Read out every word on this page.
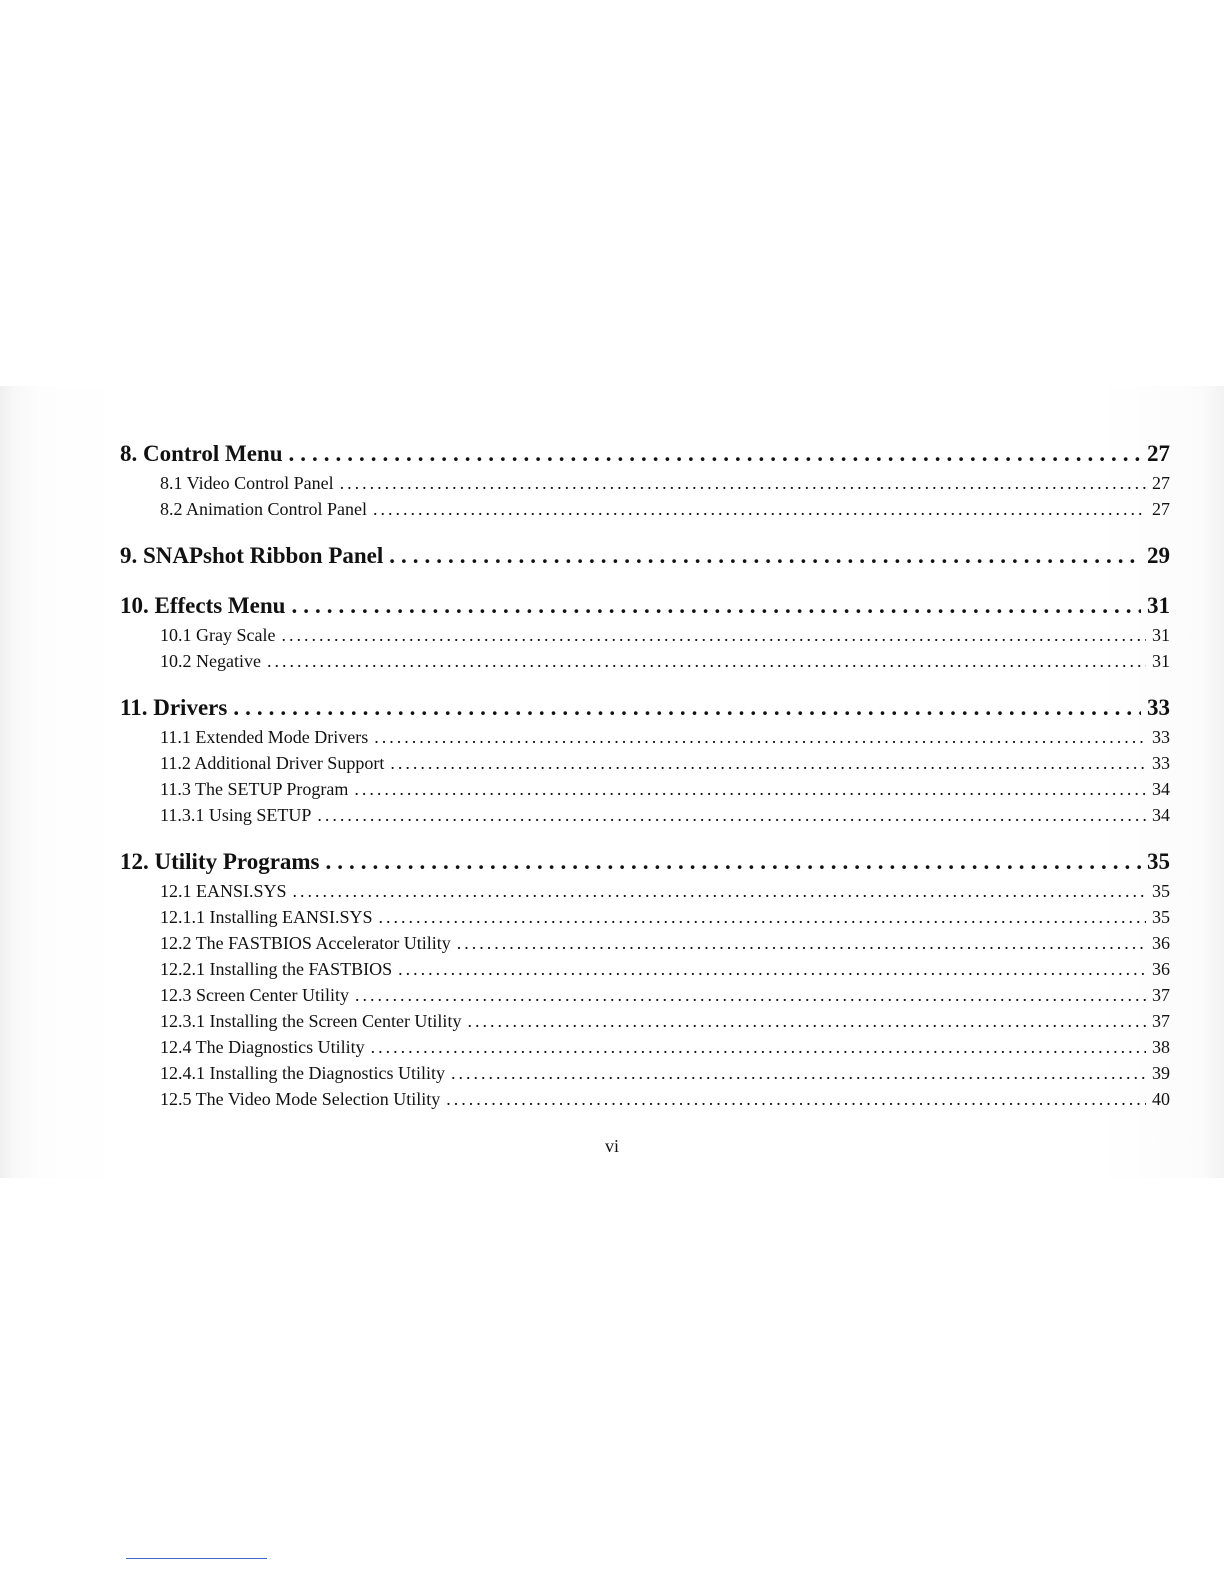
8. Control Menu .....	27
8.1 Video Control Panel .....	27
8.2 Animation Control Panel .....	27
9. SNAPshot Ribbon Panel .....	29
10. Effects Menu .....	31
10.1 Gray Scale .....	31
10.2 Negative .....	31
11. Drivers .....	33
11.1 Extended Mode Drivers .....	33
11.2 Additional Driver Support .....	33
11.3 The SETUP Program .....	34
11.3.1 Using SETUP .....	34
12. Utility Programs .....	35
12.1 EANSI.SYS .....	35
12.1.1 Installing EANSI.SYS .....	35
12.2 The FASTBIOS Accelerator Utility .....	36
12.2.1 Installing the FASTBIOS .....	36
12.3 Screen Center Utility .....	37
12.3.1 Installing the Screen Center Utility .....	37
12.4 The Diagnostics Utility .....	38
12.4.1 Installing the Diagnostics Utility .....	39
12.5 The Video Mode Selection Utility .....	40
vi
